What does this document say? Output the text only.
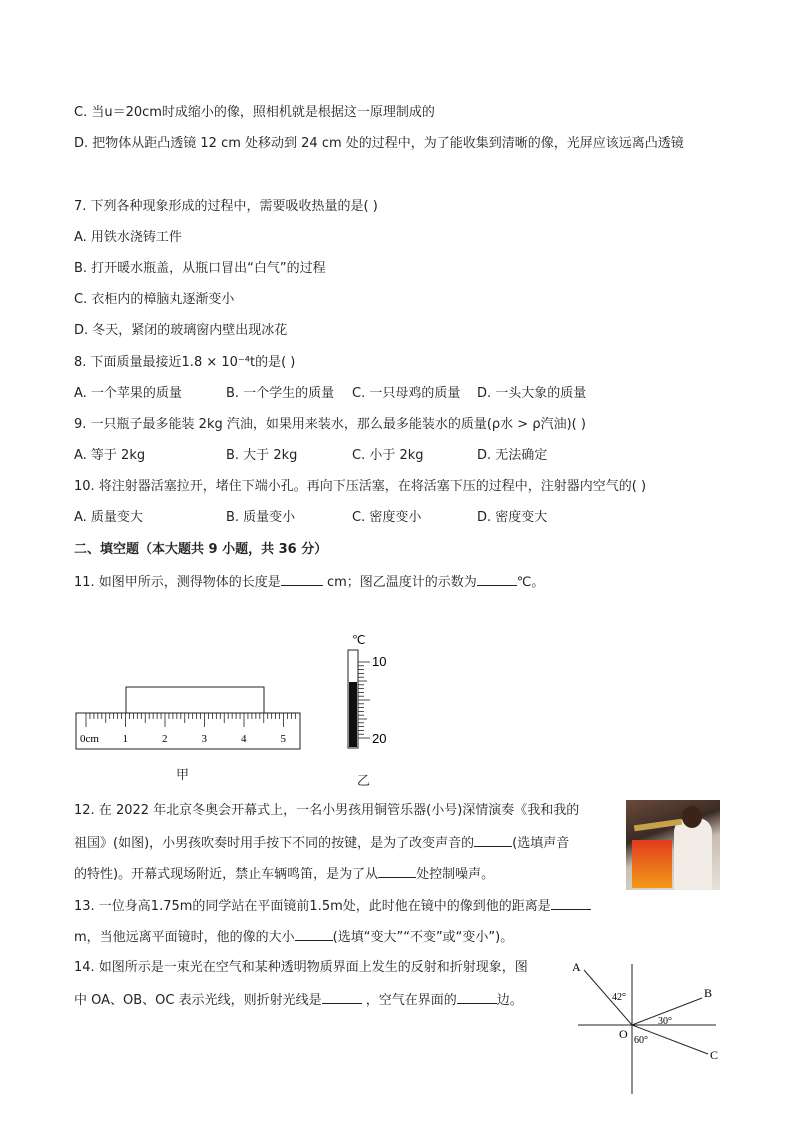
C. 当u＝20cm时成缩小的像，照相机就是根据这一原理制成的
D. 把物体从距凸透镜 12 cm 处移动到 24 cm 处的过程中，为了能收集到清晰的像，光屏应该远离凸透镜
7. 下列各种现象形成的过程中，需要吸收热量的是( )
A. 用铁水浇铸工件
B. 打开暖水瓶盖，从瓶口冒出“白气”的过程
C. 衣柜内的樟脑丸逐渐变小
D. 冬天，紧闭的玻璃窗内壁出现冰花
8. 下面质量最接近1.8 × 10⁻⁴t的是( )
A. 一个苹果的质量	B. 一个学生的质量 C. 一只母鸡的质量 D. 一头大象的质量
9. 一只瓶子最多能装 2kg 汽油，如果用来装水，那么最多能装水的质量(ρ水 > ρ汽油)( )
A. 等于 2kg	B. 大于 2kg	C. 小于 2kg	D. 无法确定
10. 将注射器活塞拉开，堵住下端小孔。再向下压活塞，在将活塞下压的过程中，注射器内空气的( )
A. 质量变大	B. 质量变小	C. 密度变小	D. 密度变大
二、填空题（本大题共 9 小题，共 36 分）
11. 如图甲所示，测得物体的长度是	cm；图乙温度计的示数为	℃。
0cm 1	2	3	4	5
甲
℃
10
20
乙
12. 在 2022 年北京冬奥会开幕式上，一名小男孩用铜管乐器(小号)深情演奏《我和我的
祖国》(如图)，小男孩吹奏时用手按下不同的按键，是为了改变声音的	(选填声音
的特性)。开幕式现场附近，禁止车辆鸣笛，是为了从	处控制噪声。
13. 一位身高1.75m的同学站在平面镜前1.5m处，此时他在镜中的像到他的距离是
m，当他远离平面镜时，他的像的大小	(选填“变大”“不变”或“变小”)。
14. 如图所示是一束光在空气和某种透明物质界面上发生的反射和折射现象，图
中 OA、OB、OC 表示光线，则折射光线是	，空气在界面的	边。
A
B
C
O
42°
30°
60°
